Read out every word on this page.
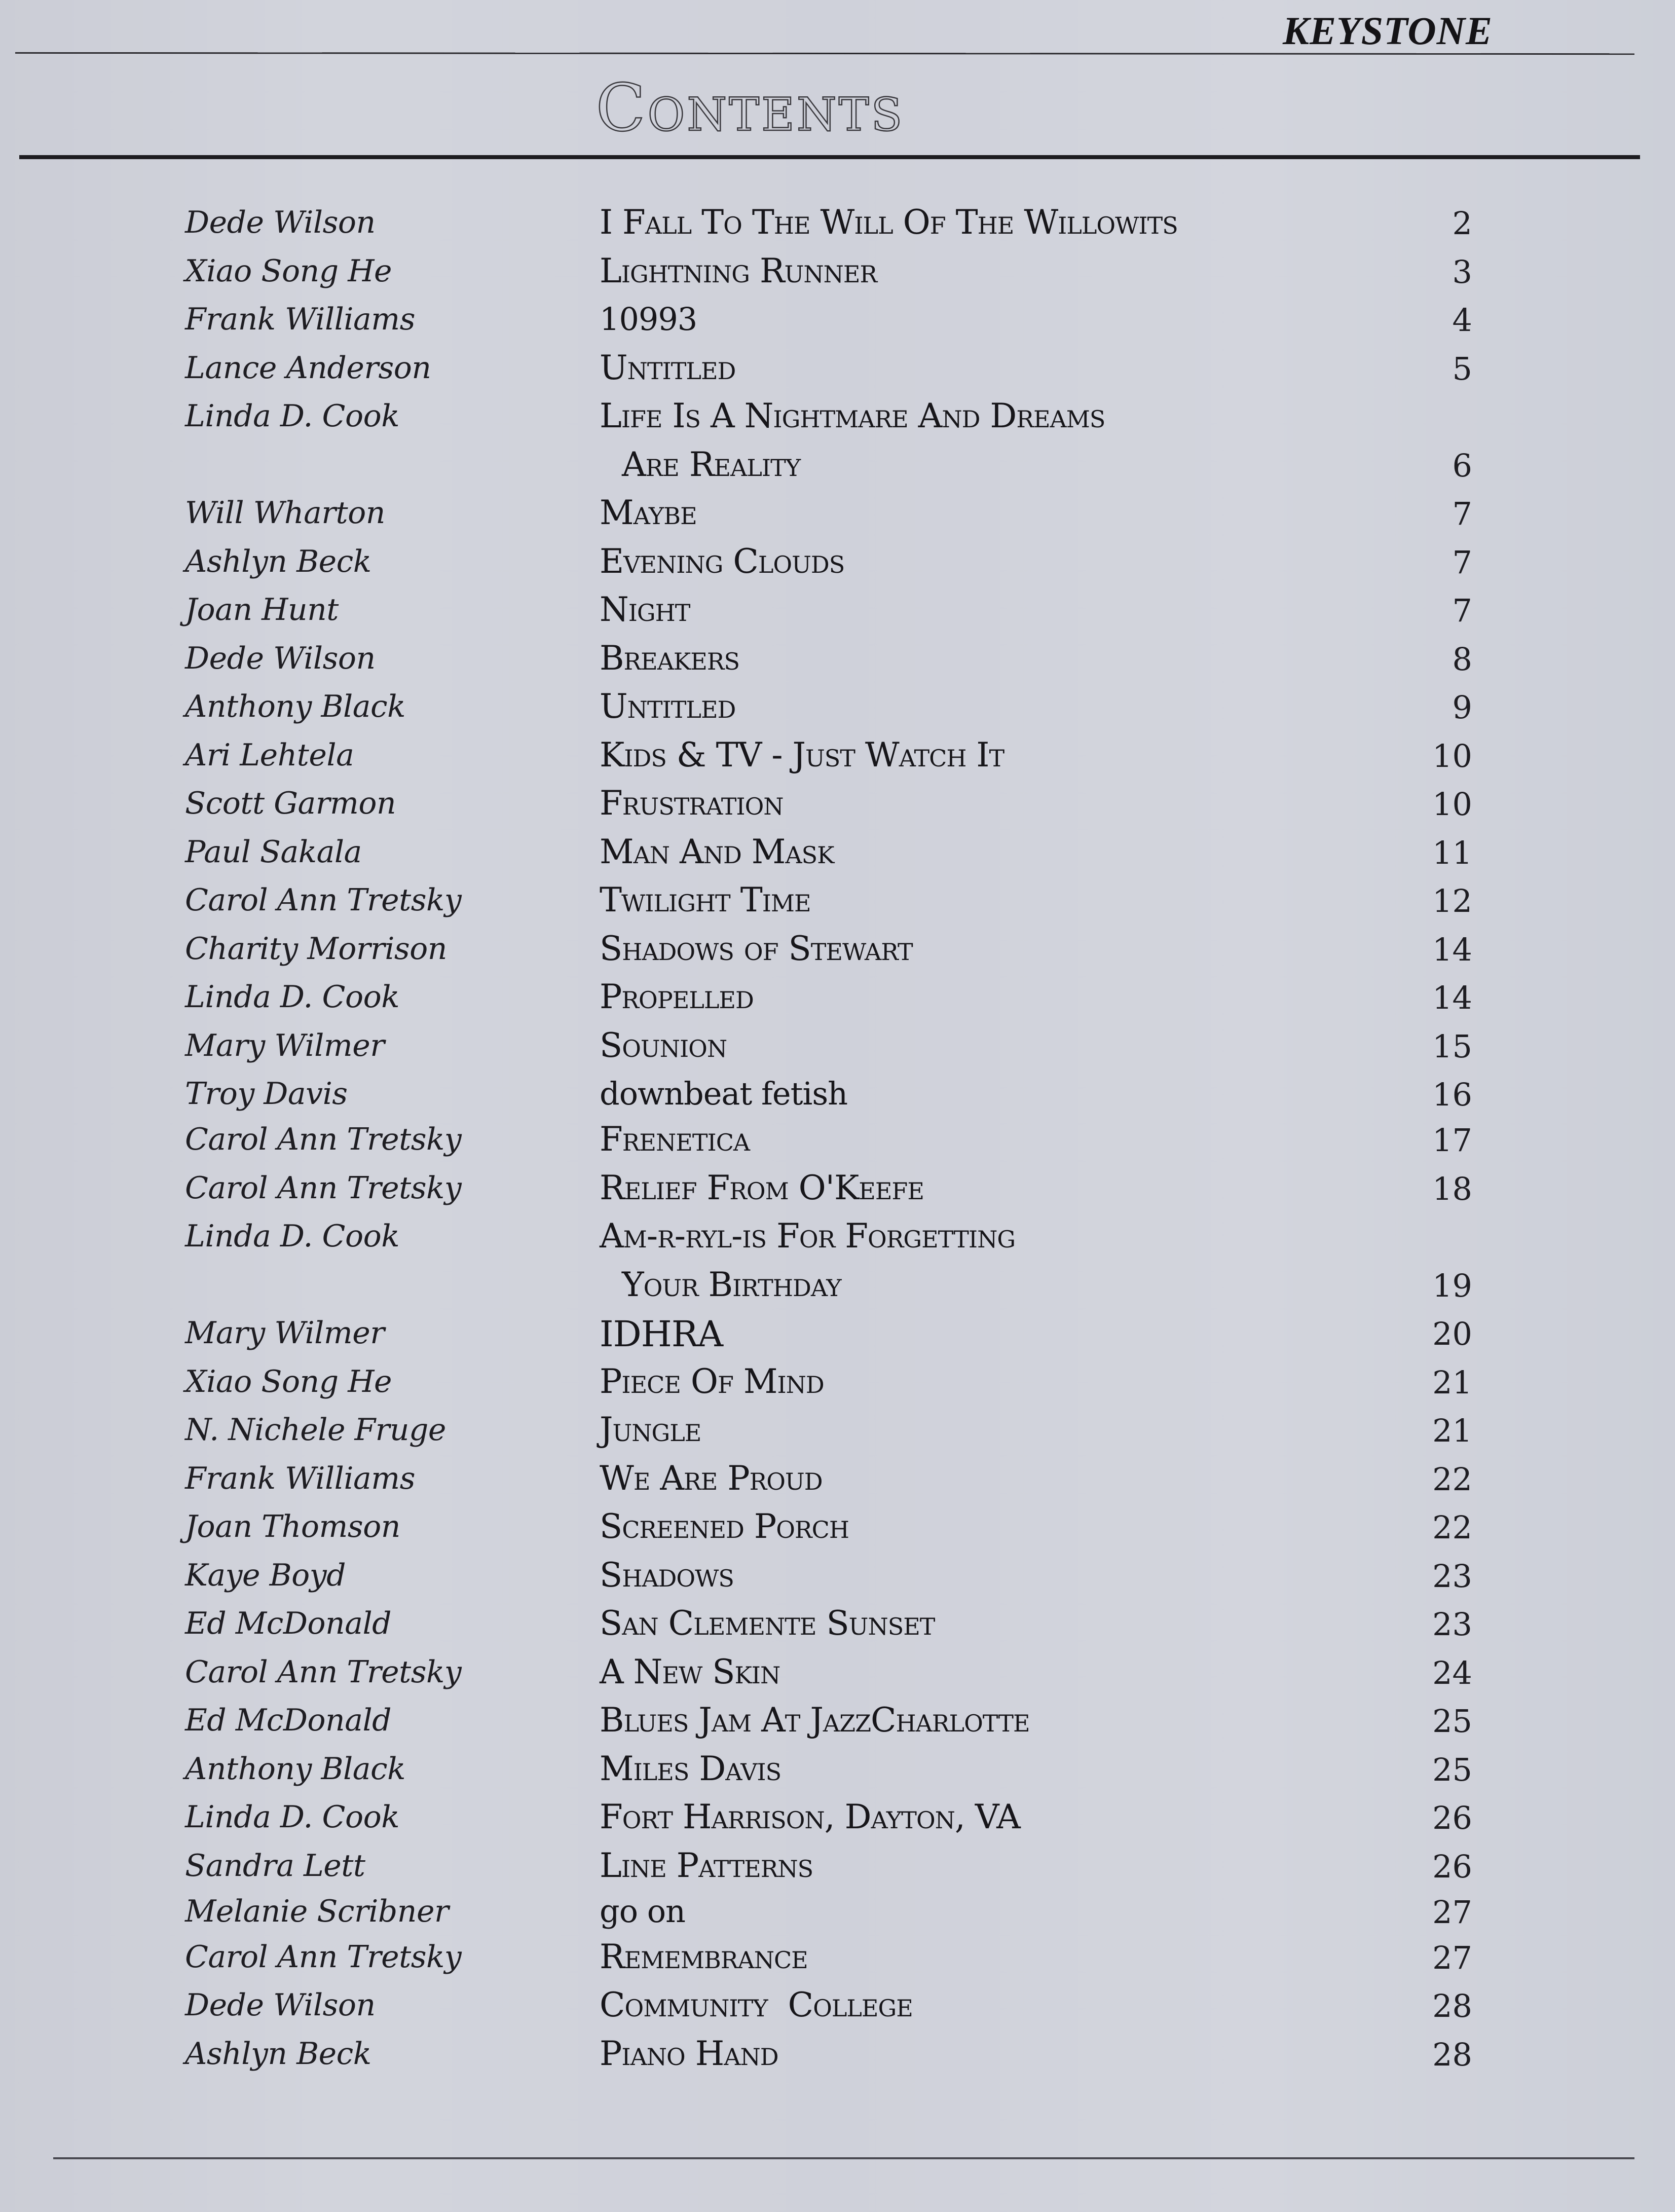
KEYSTONE
Contents
Dede Wilson	I Fall To The Will Of The Willowits	2
Xiao Song He	Lightning Runner	3
Frank Williams	10993	4
Lance Anderson	Untitled	5
Linda D. Cook	Life Is A Nightmare And Dreams
Are Reality	6
Will Wharton	Maybe	7
Ashlyn Beck	Evening Clouds	7
Joan Hunt	Night	7
Dede Wilson	Breakers	8
Anthony Black	Untitled	9
Ari Lehtela	Kids & TV - Just Watch It	10
Scott Garmon	Frustration	10
Paul Sakala	Man And Mask	11
Carol Ann Tretsky	Twilight Time	12
Charity Morrison	Shadows of Stewart	14
Linda D. Cook	Propelled	14
Mary Wilmer	Sounion	15
Troy Davis	downbeat fetish	16
Carol Ann Tretsky	Frenetica	17
Carol Ann Tretsky	Relief From O'Keefe	18
Linda D. Cook	Am-r-ryl-is For Forgetting
Your Birthday	19
Mary Wilmer	IDHRA	20
Xiao Song He	Piece Of Mind	21
N. Nichele Fruge	Jungle	21
Frank Williams	We Are Proud	22
Joan Thomson	Screened Porch	22
Kaye Boyd	Shadows	23
Ed McDonald	San Clemente Sunset	23
Carol Ann Tretsky	A New Skin	24
Ed McDonald	Blues Jam At JazzCharlotte	25
Anthony Black	Miles Davis	25
Linda D. Cook	Fort Harrison, Dayton, VA	26
Sandra Lett	Line Patterns	26
Melanie Scribner	go on	27
Carol Ann Tretsky	Remembrance	27
Dede Wilson	Community  College	28
Ashlyn Beck	Piano Hand	28
